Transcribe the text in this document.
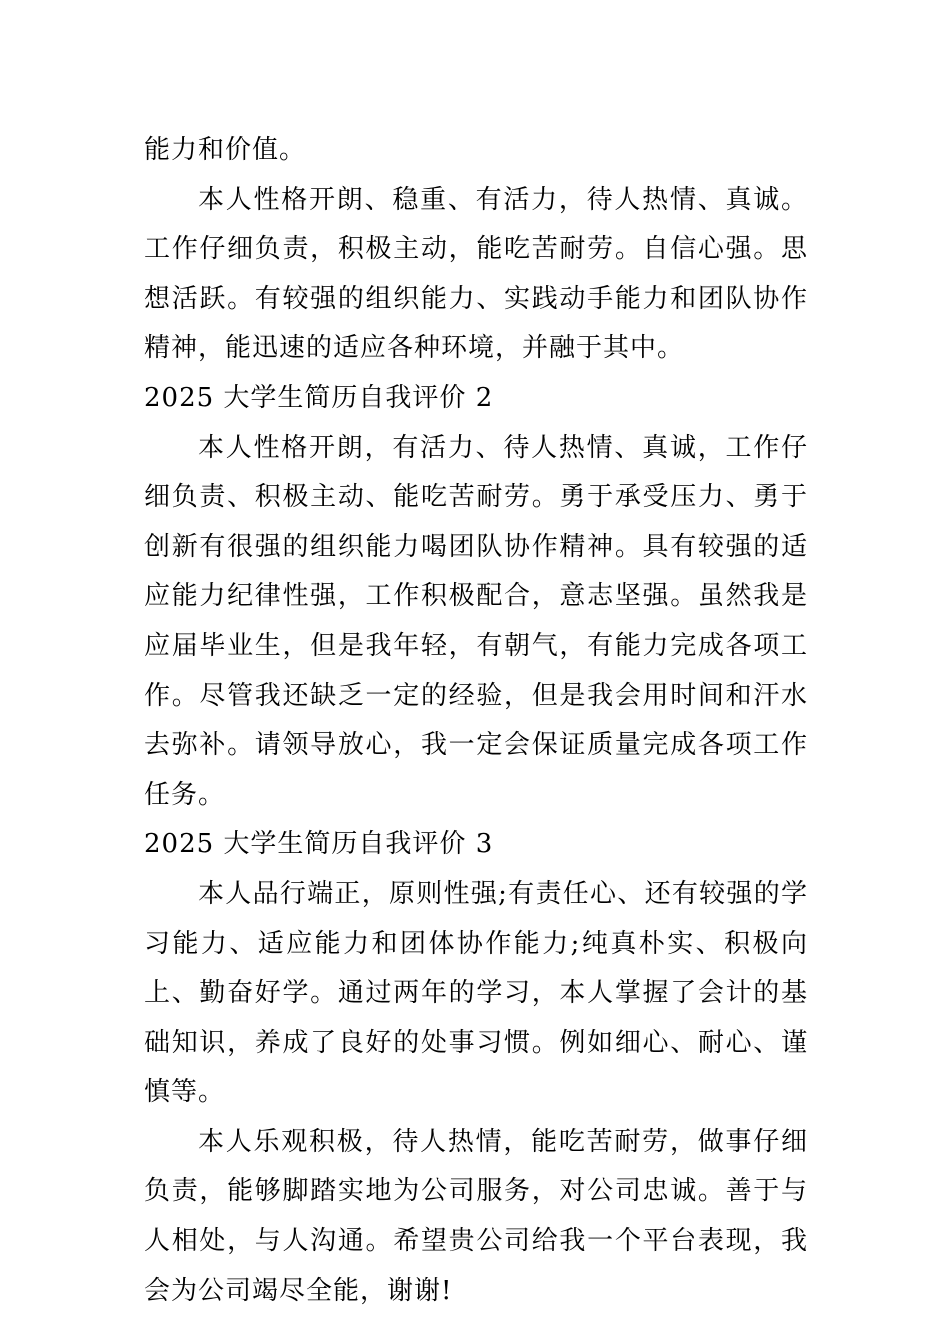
能力和价值。

本人性格开朗、稳重、有活力，待人热情、真诚。工作仔细负责，积极主动，能吃苦耐劳。自信心强。思想活跃。有较强的组织能力、实践动手能力和团队协作精神，能迅速的适应各种环境，并融于其中。

2025 大学生简历自我评价 2

本人性格开朗，有活力、待人热情、真诚，工作仔细负责、积极主动、能吃苦耐劳。勇于承受压力、勇于创新有很强的组织能力喝团队协作精神。具有较强的适应能力纪律性强，工作积极配合，意志坚强。虽然我是应届毕业生，但是我年轻，有朝气，有能力完成各项工作。尽管我还缺乏一定的经验，但是我会用时间和汗水去弥补。请领导放心，我一定会保证质量完成各项工作任务。

2025 大学生简历自我评价 3

本人品行端正，原则性强;有责任心、还有较强的学习能力、适应能力和团体协作能力;纯真朴实、积极向上、勤奋好学。通过两年的学习，本人掌握了会计的基础知识，养成了良好的处事习惯。例如细心、耐心、谨慎等。

本人乐观积极，待人热情，能吃苦耐劳，做事仔细负责，能够脚踏实地为公司服务，对公司忠诚。善于与人相处，与人沟通。希望贵公司给我一个平台表现，我会为公司竭尽全能，谢谢!
